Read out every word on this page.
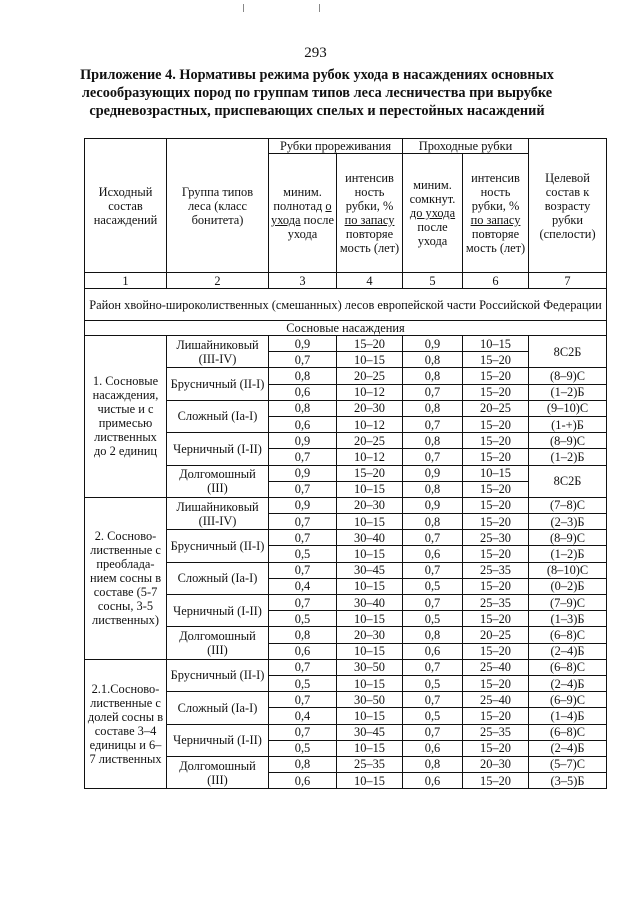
293
Приложение 4. Нормативы режима рубок ухода в насаждениях основных лесообразующих пород по группам типов леса лесничества при вырубке средневозрастных, приспевающих спелых и перестойных насаждений
Исходный состав насаждений	Группа типов леса (класс бонитета)	Рубки прореживания		Проходные рубки		Целевой состав к возрасту рубки (спелости)
		миним. полнотад о ухода после ухода	интенсив ность рубки, % по запасу повторяе мость (лет)	миним. сомкнут. до ухода после ухода	интенсив ность рубки, % по запасу повторяе мость (лет)	
1	2	3	4	5	6	7
Район хвойно-широколиственных (смешанных) лесов европейской части Российской Федерации						
Сосновые насаждения						
1. Сосновые насаждения, чистые и с примесью лиственных до 2 единиц	Лишайниковый (III-IV)	0,9	15–20	0,9	10–15	8С2Б
		0,7	10–15	0,8	15–20	
	Брусничный (II-I)	0,8	20–25	0,8	15–20	(8–9)С
		0,6	10–12	0,7	15–20	(1–2)Б
	Сложный (Iа-I)	0,8	20–30	0,8	20–25	(9–10)С
		0,6	10–12	0,7	15–20	(1-+)Б
	Черничный (I-II)	0,9	20–25	0,8	15–20	(8–9)С
		0,7	10–12	0,7	15–20	(1–2)Б
	Долгомошный (III)	0,9	15–20	0,9	10–15	8С2Б
		0,7	10–15	0,8	15–20	
2. Сосново-лиственные с преоблада-нием сосны в составе (5-7 сосны, 3-5 лиственных)	Лишайниковый (III-IV)	0,9	20–30	0,9	15–20	(7–8)С
		0,7	10–15	0,8	15–20	(2–3)Б
	Брусничный (II-I)	0,7	30–40	0,7	25–30	(8–9)С
		0,5	10–15	0,6	15–20	(1–2)Б
	Сложный (Iа-I)	0,7	30–45	0,7	25–35	(8–10)С
		0,4	10–15	0,5	15–20	(0–2)Б
	Черничный (I-II)	0,7	30–40	0,7	25–35	(7–9)С
		0,5	10–15	0,5	15–20	(1–3)Б
	Долгомошный (III)	0,8	20–30	0,8	20–25	(6–8)С
		0,6	10–15	0,6	15–20	(2–4)Б
2.1.Сосново-лиственные с долей сосны в составе 3–4 единицы и 6–7 лиственных	Брусничный (II-I)	0,7	30–50	0,7	25–40	(6–8)С
		0,5	10–15	0,5	15–20	(2–4)Б
	Сложный (Iа-I)	0,7	30–50	0,7	25–40	(6–9)С
		0,4	10–15	0,5	15–20	(1–4)Б
	Черничный (I-II)	0,7	30–45	0,7	25–35	(6–8)С
		0,5	10–15	0,6	15–20	(2–4)Б
	Долгомошный (III)	0,8	25–35	0,8	20–30	(5–7)С
		0,6	10–15	0,6	15–20	(3–5)Б
